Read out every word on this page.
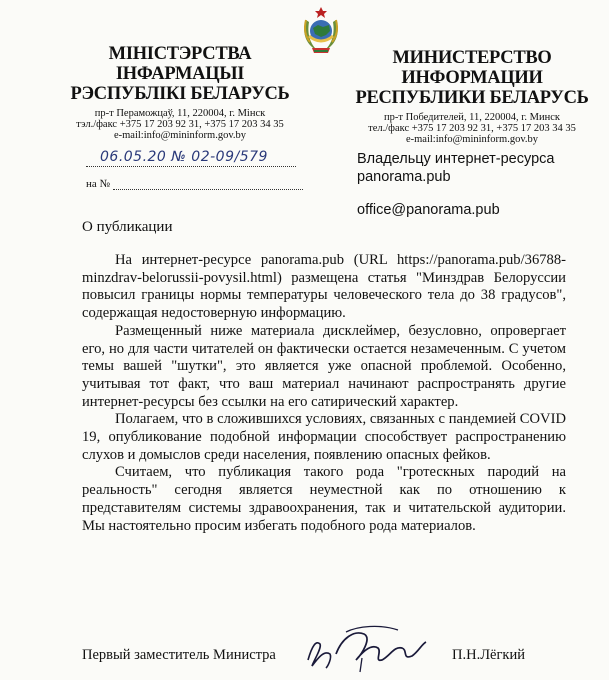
МІНІСТЭРСТВА ІНФАРМАЦЫІ
РЭСПУБЛІКІ БЕЛАРУСЬ
пр-т Пераможцаў, 11, 220004, г. Мінск
тэл./факс +375 17 203 92 31, +375 17 203 34 35
e-mail:info@mininform.gov.by
МИНИСТЕРСТВО ИНФОРМАЦИИ
РЕСПУБЛИКИ БЕЛАРУСЬ
пр-т Победителей, 11, 220004, г. Минск
тел./факс +375 17 203 92 31, +375 17 203 34 35
e-mail:info@mininform.gov.by
06.05.20 № 02-09/579
на №
Владельцу интернет-ресурса
panorama.pub
office@panorama.pub
О публикации

На интернет-ресурсе panorama.pub (URL https://panorama.pub/36788-minzdrav-belorussii-povysil.html) размещена статья "Минздрав Белоруссии повысил границы нормы температуры человеческого тела до 38 градусов", содержащая недостоверную информацию.

Размещенный ниже материала дисклеймер, безусловно, опровергает его, но для части читателей он фактически остается незамеченным. С учетом темы вашей "шутки", это является уже опасной проблемой. Особенно, учитывая тот факт, что ваш материал начинают распространять другие интернет-ресурсы без ссылки на его сатирический характер.

Полагаем, что в сложившихся условиях, связанных с пандемией COVID 19, опубликование подобной информации способствует распространению слухов и домыслов среди населения, появлению опасных фейков.

Считаем, что публикация такого рода "гротескных пародий на реальность" сегодня является неуместной как по отношению к представителям системы здравоохранения, так и читательской аудитории. Мы настоятельно просим избегать подобного рода материалов.

Первый заместитель Министра	П.Н.Лёгкий
